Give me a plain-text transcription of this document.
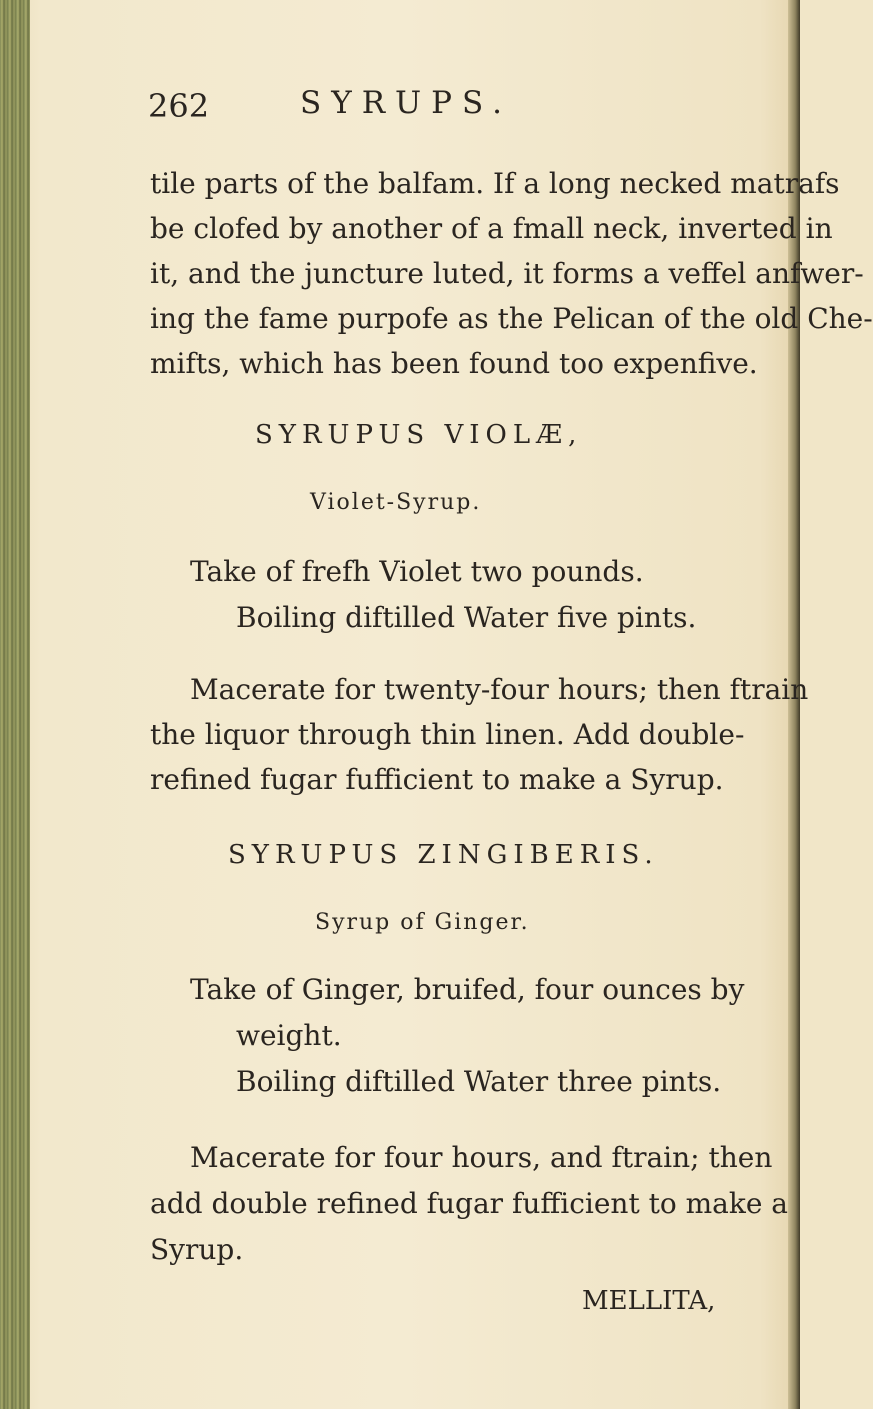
262	SYRUPS.
tile parts of the balfam. If a long necked matrafs
be clofed by another of a fmall neck, inverted in
it, and the juncture luted, it forms a veffel anfwer-
ing the fame purpofe as the Pelican of the old Che-
mifts, which has been found too expenfive.
SYRUPUS VIOLÆ,
Violet-Syrup.
Take of frefh Violet two pounds.
Boiling diftilled Water five pints.
Macerate for twenty-four hours; then ftrain
the liquor through thin linen. Add double-
refined fugar fufficient to make a Syrup.
SYRUPUS ZINGIBERIS.
Syrup of Ginger.
Take of Ginger, bruifed, four ounces by
weight.
Boiling diftilled Water three pints.
Macerate for four hours, and ftrain; then
add double refined fugar fufficient to make a
Syrup.
MELLITA,
